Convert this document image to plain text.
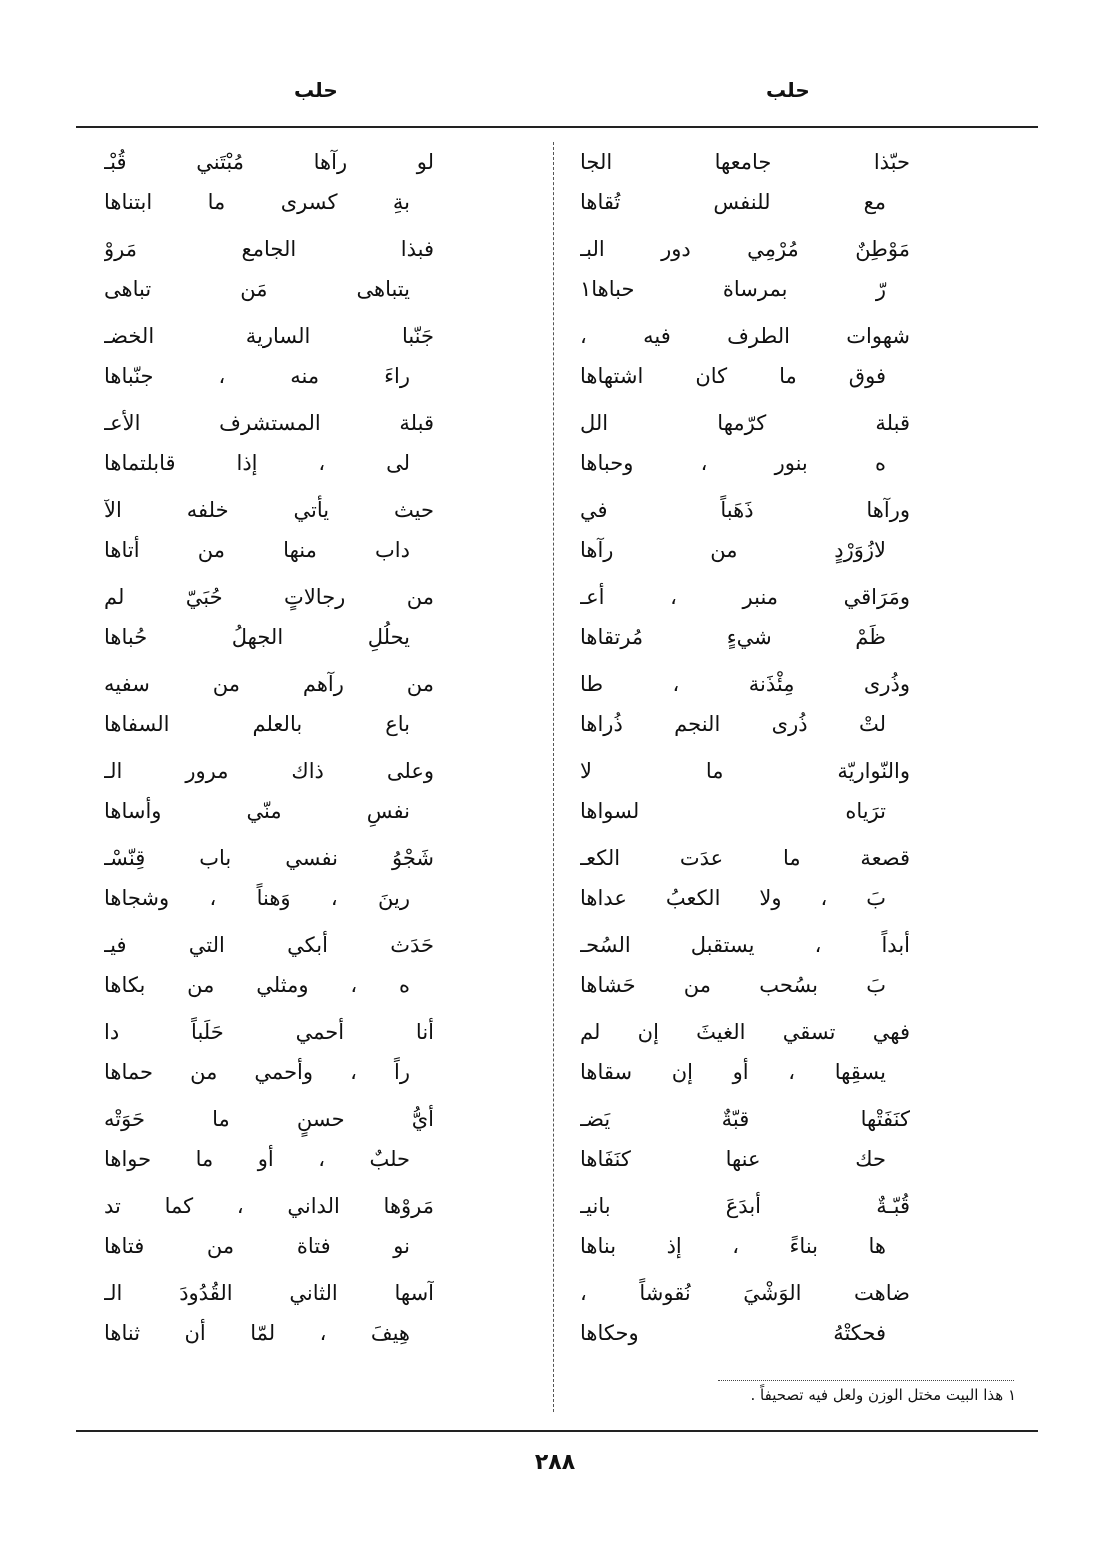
حلب	حلب
حبّذا جامعها الجا
مع للنفس تُقاها
مَوْطِنٌ مُرْمِي دور البـ
رّ بمرساة حباها١
شهوات الطرف فيه ،
فوق ما كان اشتهاها
قبلة كرّمها الل
ه بنور ، وحباها
ورآها ذَهَباً في
لازُوَرْدٍ من رآها
ومَرَاقي منبر ، أعـ
ظَمْ شيءٍ مُرتقاها
وذُرى مِئْذَنة ، طا
لتْ ذُرى النجم ذُراها
والنّواريّة ما لا
ترَياه لسواها
قصعة ما عدَت الكعـ
بَ ، ولا الكعبُ عداها
أبداً ، يستقبل السُحـ
بَ بسُحب من حَشاها
فهي تسقي الغيثَ إن لم
يسقِها ، أو إن سقاها
كنَفَتْها قبّةٌ يَضـ
حك عنها كنَفَاها
قُبّـةٌ أبدَعَ بانيـ
ها بناءً ، إذ بناها
ضاهت الوَشْيَ نُقوشاً ،
فحكتْهُ وحكاها
لو رآها مُبْتَني قُبْـ
بةِ كسرى ما ابتناها
فبذا الجامع مَروْ
يتباهى مَن تباهى
جَنّبا السارية الخضـ
راءَ منه ، جنّباها
قبلة المستشرف الأعـ
لى ، إذا قابلتماها
حيث يأتي خلفه الآ
داب منها من أتاها
من رجالاتٍ حُبَيّ لم
يحلُلِ الجهلُ حُباها
من رآهم من سفيه
باع بالعلم السفاها
وعلى ذاك مرور الـ
نفسِ منّي وأساها
شَجْوُ نفسي باب قِنّسْـ
رينَ ، وَهناً ، وشجاها
حَدَث أبكي التي فيـ
ه ، ومثلي من بكاها
أنا أحمي حَلَباً دا
راً ، وأحمي من حماها
أيُّ حسنٍ ما حَوَتْه
حلبٌ ، أو ما حواها
مَروْها الداني ، كما تد
نو فتاة من فتاها
آسها الثاني القُدُودَ الـ
هِيفَ ، لمّا أن ثناها
١ هذا البيت مختل الوزن ولعل فيه تصحيفاً .
٢٨٨
